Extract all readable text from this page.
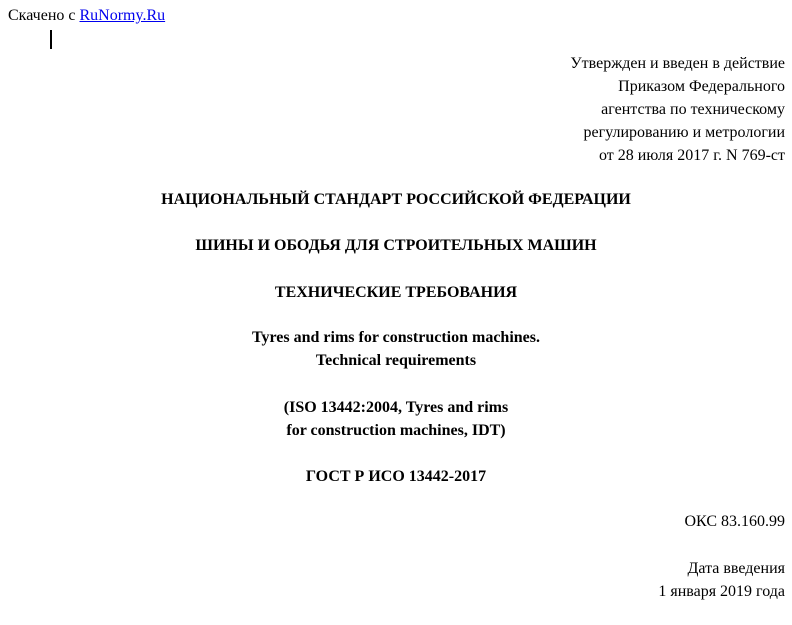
Скачено с RuNormy.Ru
Утвержден и введен в действие
Приказом Федерального
агентства по техническому
регулированию и метрологии
от 28 июля 2017 г. N 769-ст
НАЦИОНАЛЬНЫЙ СТАНДАРТ РОССИЙСКОЙ ФЕДЕРАЦИИ
ШИНЫ И ОБОДЬЯ ДЛЯ СТРОИТЕЛЬНЫХ МАШИН
ТЕХНИЧЕСКИЕ ТРЕБОВАНИЯ
Tyres and rims for construction machines.
Technical requirements
(ISO 13442:2004, Tyres and rims
for construction machines, IDT)
ГОСТ Р ИСО 13442-2017
ОКС 83.160.99
Дата введения
1 января 2019 года
